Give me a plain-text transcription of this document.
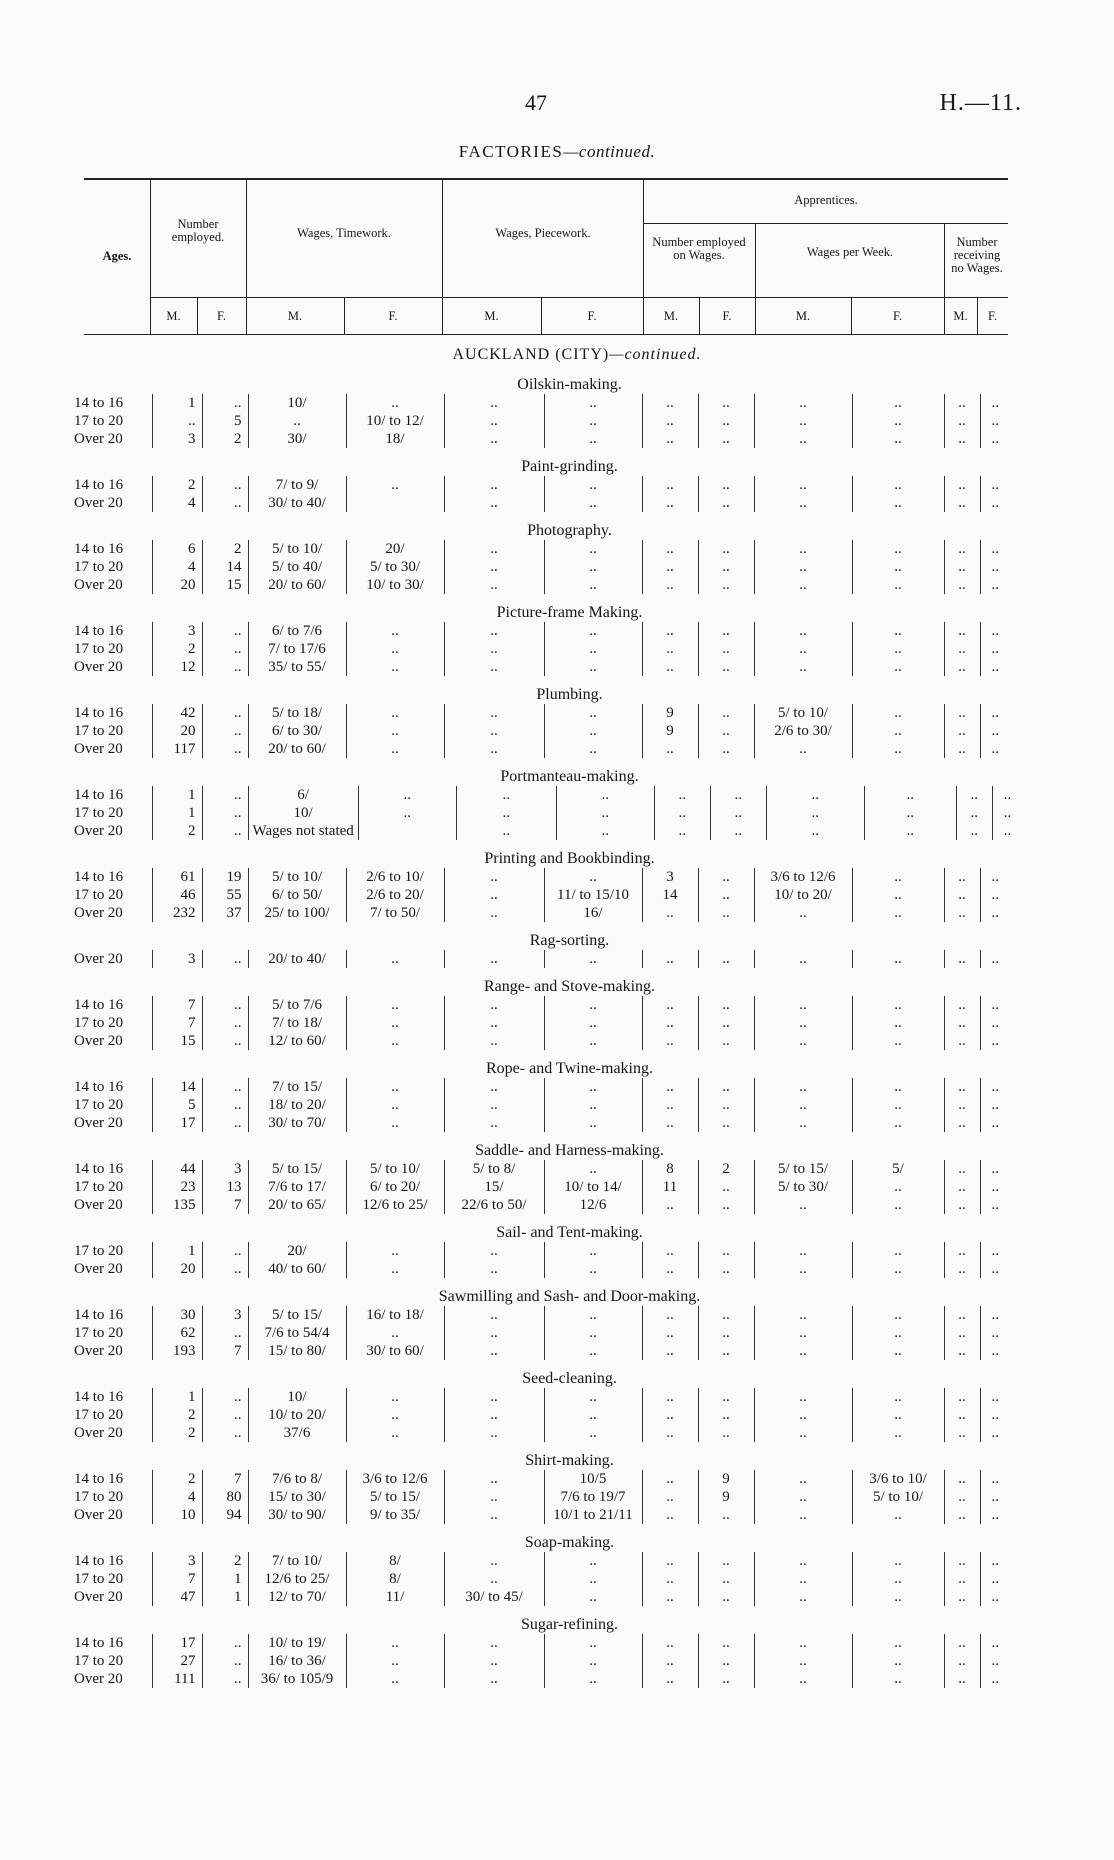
47	H.—11.
FACTORIES—continued.
Ages.
Number employed.	Wages, Timework.	Wages, Piecework.
Apprentices.
Number employed on Wages.	Wages per Week.
Number receiving no Wages.
M.	F.	M.	F.	M.	F.	M.	F.	M.	F.	M.	F.
AUCKLAND (CITY)—continued.
Oilskin-making.
14 to 16	1	..	10/	..	..	..	..	..	..	..	..	..
17 to 20	..	5	..	10/ to 12/	..	..	..	..	..	..	..	..
Over 20	3	2	30/	18/	..	..	..	..	..	..	..	..
Paint-grinding.
14 to 16	2	..	7/ to 9/	..	..	..	..	..	..	..	..	..
Over 20	4	..	30/ to 40/		..	..	..	..	..	..	..	..
Photography.
14 to 16	6	2	5/ to 10/	20/	..	..	..	..	..	..	..	..
17 to 20	4	14	5/ to 40/	5/ to 30/	..	..	..	..	..	..	..	..
Over 20	20	15	20/ to 60/	10/ to 30/	..	..	..	..	..	..	..	..
Picture-frame Making.
14 to 16	3	..	6/ to 7/6	..	..	..	..	..	..	..	..	..
17 to 20	2	..	7/ to 17/6	..	..	..	..	..	..	..	..	..
Over 20	12	..	35/ to 55/	..	..	..	..	..	..	..	..	..
Plumbing.
14 to 16	42	..	5/ to 18/	..	..	..	9	..	5/ to 10/	..	..	..
17 to 20	20	..	6/ to 30/	..	..	..	9	..	2/6 to 30/	..	..	..
Over 20	117	..	20/ to 60/	..	..	..	..	..	..	..	..	..
Portmanteau-making.
14 to 16	1	..	6/	..	..	..	..	..	..	..	..	..
17 to 20	1	..	10/	..	..	..	..	..	..	..	..	..
Over 20	2	..	Wages not stated		..	..	..	..	..	..	..	..
Printing and Bookbinding.
14 to 16	61	19	5/ to 10/	2/6 to 10/	..	..	3	..	3/6 to 12/6	..	..	..
17 to 20	46	55	6/ to 50/	2/6 to 20/	..	11/ to 15/10	14	..	10/ to 20/	..	..	..
Over 20	232	37	25/ to 100/	7/ to 50/	..	16/	..	..	..	..	..	..
Rag-sorting.
Over 20	3	..	20/ to 40/	..	..	..	..	..	..	..	..	..
Range- and Stove-making.
14 to 16	7	..	5/ to 7/6	..	..	..	..	..	..	..	..	..
17 to 20	7	..	7/ to 18/	..	..	..	..	..	..	..	..	..
Over 20	15	..	12/ to 60/	..	..	..	..	..	..	..	..	..
Rope- and Twine-making.
14 to 16	14	..	7/ to 15/	..	..	..	..	..	..	..	..	..
17 to 20	5	..	18/ to 20/	..	..	..	..	..	..	..	..	..
Over 20	17	..	30/ to 70/	..	..	..	..	..	..	..	..	..
Saddle- and Harness-making.
14 to 16	44	3	5/ to 15/	5/ to 10/	5/ to 8/	..	8	2	5/ to 15/	5/	..	..
17 to 20	23	13	7/6 to 17/	6/ to 20/	15/	10/ to 14/	11	..	5/ to 30/	..	..	..
Over 20	135	7	20/ to 65/	12/6 to 25/	22/6 to 50/	12/6	..	..	..	..	..	..
Sail- and Tent-making.
17 to 20	1	..	20/	..	..	..	..	..	..	..	..	..
Over 20	20	..	40/ to 60/	..	..	..	..	..	..	..	..	..
Sawmilling and Sash- and Door-making.
14 to 16	30	3	5/ to 15/	16/ to 18/	..	..	..	..	..	..	..	..
17 to 20	62	..	7/6 to 54/4	..	..	..	..	..	..	..	..	..
Over 20	193	7	15/ to 80/	30/ to 60/	..	..	..	..	..	..	..	..
Seed-cleaning.
14 to 16	1	..	10/	..	..	..	..	..	..	..	..	..
17 to 20	2	..	10/ to 20/	..	..	..	..	..	..	..	..	..
Over 20	2	..	37/6	..	..	..	..	..	..	..	..	..
Shirt-making.
14 to 16	2	7	7/6 to 8/	3/6 to 12/6	..	10/5	..	9	..	3/6 to 10/	..	..
17 to 20	4	80	15/ to 30/	5/ to 15/	..	7/6 to 19/7	..	9	..	5/ to 10/	..	..
Over 20	10	94	30/ to 90/	9/ to 35/	..	10/1 to 21/11	..	..	..	..	..	..
Soap-making.
14 to 16	3	2	7/ to 10/	8/	..	..	..	..	..	..	..	..
17 to 20	7	1	12/6 to 25/	8/	..	..	..	..	..	..	..	..
Over 20	47	1	12/ to 70/	11/	30/ to 45/	..	..	..	..	..	..	..
Sugar-refining.
14 to 16	17	..	10/ to 19/	..	..	..	..	..	..	..	..	..
17 to 20	27	..	16/ to 36/	..	..	..	..	..	..	..	..	..
Over 20	111	..	36/ to 105/9	..	..	..	..	..	..	..	..	..
